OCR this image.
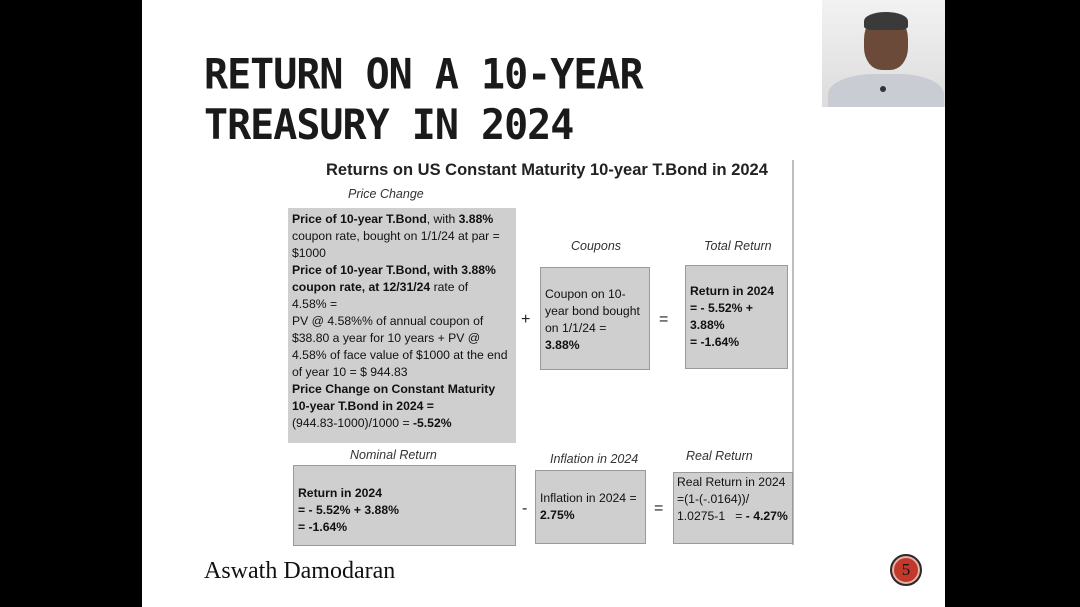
RETURN ON A 10-YEAR TREASURY IN 2024
Returns on US Constant Maturity 10-year T.Bond in 2024
Price Change
Price of 10-year T.Bond, with 3.88%
coupon rate, bought on 1/1/24 at par =
$1000
Price of 10-year T.Bond, with 3.88%
coupon rate, at 12/31/24 rate of
4.58% =
PV @ 4.58%% of annual coupon of
$38.80 a year for 10 years + PV @
4.58% of face value of $1000 at the end
of year 10 = $ 944.83
Price Change on Constant Maturity
10-year T.Bond in 2024 =
(944.83-1000)/1000 = -5.52%
+
Coupons
Coupon on 10-
year bond bought
on 1/1/24 =
3.88%
=
Total Return
Return in 2024
= - 5.52% +
3.88%
= -1.64%
Nominal Return
Return in 2024
= - 5.52% + 3.88%
= -1.64%
-
Inflation in 2024
Inflation in 2024 =
2.75%	=
Real Return
Real Return in 2024
=(1-(-.0164))/
1.0275-1   = - 4.27%
Aswath Damodaran	5
